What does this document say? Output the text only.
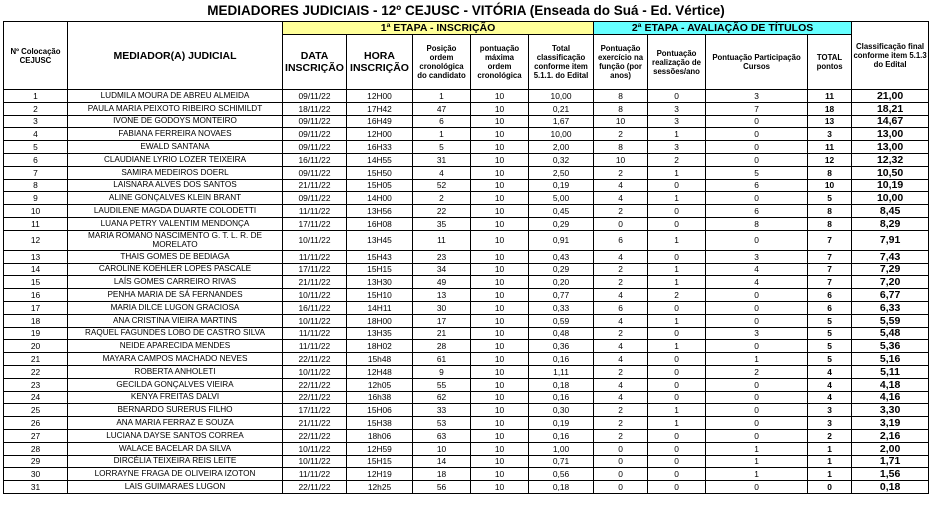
MEDIADORES JUDICIAIS - 12º CEJUSC - VITÓRIA (Enseada do Suá - Ed. Vértice)
Nº Colocação CEJUSC	MEDIADOR(A) JUDICIAL	1ª ETAPA - INSCRIÇÃO					2ª ETAPA - AVALIAÇÃO DE TÍTULOS				Classificação final conforme item 5.1.3 do Edital
		DATA INSCRIÇÃO	HORA INSCRIÇÃO	Posição ordem cronológica do candidato	pontuação máxima ordem cronológica	Total classificação conforme item 5.1.1. do Edital	Pontuação exercício na função (por anos)	Pontuação realização de sessões/ano	Pontuação Participação Cursos	TOTAL pontos	
1	LUDMILA MOURA DE ABREU ALMEIDA	09/11/22	12H00	1	10	10,00	8	0	3	11	21,00
2	PAULA MARIA PEIXOTO RIBEIRO SCHIMILDT	18/11/22	17H42	47	10	0,21	8	3	7	18	18,21
3	IVONE DE GODOYS MONTEIRO	09/11/22	16H49	6	10	1,67	10	3	0	13	14,67
4	FABIANA FERREIRA NOVAES	09/11/22	12H00	1	10	10,00	2	1	0	3	13,00
5	EWALD SANTANA	09/11/22	16H33	5	10	2,00	8	3	0	11	13,00
6	CLAUDIANE LYRIO LOZER TEIXEIRA	16/11/22	14H55	31	10	0,32	10	2	0	12	12,32
7	SAMIRA MEDEIROS DOERL	09/11/22	15H50	4	10	2,50	2	1	5	8	10,50
8	LAISNARA ALVES DOS SANTOS	21/11/22	15H05	52	10	0,19	4	0	6	10	10,19
9	ALINE GONÇALVES KLEIN BRANT	09/11/22	14H00	2	10	5,00	4	1	0	5	10,00
10	LAUDILENE MAGDA DUARTE COLODETTI	11/11/22	13H56	22	10	0,45	2	0	6	8	8,45
11	LUANA PETRY VALENTIM MENDONÇA	17/11/22	16H08	35	10	0,29	0	0	8	8	8,29
12	MARIA ROMANO NASCIMENTO G. T. L. R. DE MORELATO	10/11/22	13H45	11	10	0,91	6	1	0	7	7,91
13	THAIS GOMES DE BEDIAGA	11/11/22	15H43	23	10	0,43	4	0	3	7	7,43
14	CAROLINE KOEHLER LOPES PASCALE	17/11/22	15H15	34	10	0,29	2	1	4	7	7,29
15	LAÍS GOMES CARREIRO RIVAS	21/11/22	13H30	49	10	0,20	2	1	4	7	7,20
16	PENHA MARIA DE SÁ FERNANDES	10/11/22	15H10	13	10	0,77	4	2	0	6	6,77
17	MARIA DILCE LUGON GRACIOSA	16/11/22	14H11	30	10	0,33	6	0	0	6	6,33
18	ANA CRISTINA VIEIRA MARTINS	10/11/22	18H00	17	10	0,59	4	1	0	5	5,59
19	RAQUEL FAGUNDES LOBO DE CASTRO SILVA	11/11/22	13H35	21	10	0,48	2	0	3	5	5,48
20	NEIDE APARECIDA MENDES	11/11/22	18H02	28	10	0,36	4	1	0	5	5,36
21	MAYARA CAMPOS MACHADO NEVES	22/11/22	15h48	61	10	0,16	4	0	1	5	5,16
22	ROBERTA ANHOLETI	10/11/22	12H48	9	10	1,11	2	0	2	4	5,11
23	GECILDA GONÇALVES VIEIRA	22/11/22	12h05	55	10	0,18	4	0	0	4	4,18
24	KENYA FREITAS DALVI	22/11/22	16h38	62	10	0,16	4	0	0	4	4,16
25	BERNARDO SURERUS FILHO	17/11/22	15H06	33	10	0,30	2	1	0	3	3,30
26	ANA MARIA FERRAZ E SOUZA	21/11/22	15H38	53	10	0,19	2	1	0	3	3,19
27	LUCIANA DAYSE SANTOS CORREA	22/11/22	18h06	63	10	0,16	2	0	0	2	2,16
28	WALACE BACELAR DA SILVA	10/11/22	12H59	10	10	1,00	0	0	1	1	2,00
29	DIRCÉLIA TEIXEIRA REIS LEITE	10/11/22	15H15	14	10	0,71	0	0	1	1	1,71
30	LORRAYNE FRAGA DE OLIVEIRA IZOTON	11/11/22	12H19	18	10	0,56	0	0	1	1	1,56
31	LAIS GUIMARAES LUGON	22/11/22	12h25	56	10	0,18	0	0	0	0	0,18
